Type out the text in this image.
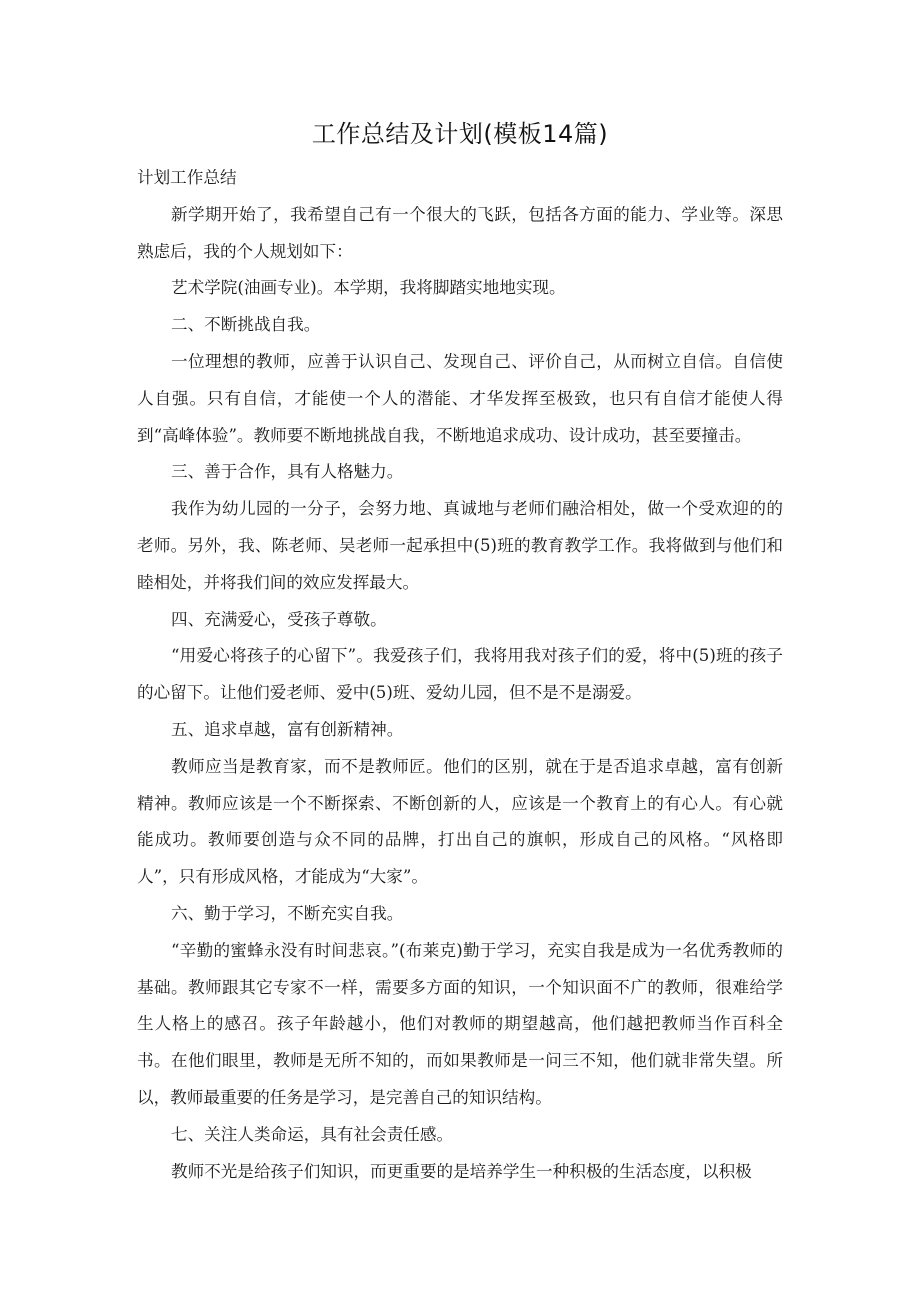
工作总结及计划(模板14篇)

计划工作总结

新学期开始了，我希望自己有一个很大的飞跃，包括各方面的能力、学业等。深思熟虑后，我的个人规划如下：

艺术学院(油画专业)。本学期，我将脚踏实地地实现。

二、不断挑战自我。

一位理想的教师，应善于认识自己、发现自己、评价自己，从而树立自信。自信使人自强。只有自信，才能使一个人的潜能、才华发挥至极致，也只有自信才能使人得到“高峰体验”。教师要不断地挑战自我，不断地追求成功、设计成功，甚至要撞击。

三、善于合作，具有人格魅力。

我作为幼儿园的一分子，会努力地、真诚地与老师们融洽相处，做一个受欢迎的的老师。另外，我、陈老师、吴老师一起承担中(5)班的教育教学工作。我将做到与他们和睦相处，并将我们间的效应发挥最大。

四、充满爱心，受孩子尊敬。

“用爱心将孩子的心留下”。我爱孩子们，我将用我对孩子们的爱，将中(5)班的孩子的心留下。让他们爱老师、爱中(5)班、爱幼儿园，但不是不是溺爱。

五、追求卓越，富有创新精神。

教师应当是教育家，而不是教师匠。他们的区别，就在于是否追求卓越，富有创新精神。教师应该是一个不断探索、不断创新的人，应该是一个教育上的有心人。有心就能成功。教师要创造与众不同的品牌，打出自己的旗帜，形成自己的风格。“风格即人”，只有形成风格，才能成为“大家”。

六、勤于学习，不断充实自我。

“辛勤的蜜蜂永没有时间悲哀。”(布莱克)勤于学习，充实自我是成为一名优秀教师的基础。教师跟其它专家不一样，需要多方面的知识，一个知识面不广的教师，很难给学生人格上的感召。孩子年龄越小，他们对教师的期望越高，他们越把教师当作百科全书。在他们眼里，教师是无所不知的，而如果教师是一问三不知，他们就非常失望。所以，教师最重要的任务是学习，是完善自己的知识结构。

七、关注人类命运，具有社会责任感。

教师不光是给孩子们知识，而更重要的是培养学生一种积极的生活态度，以积极
